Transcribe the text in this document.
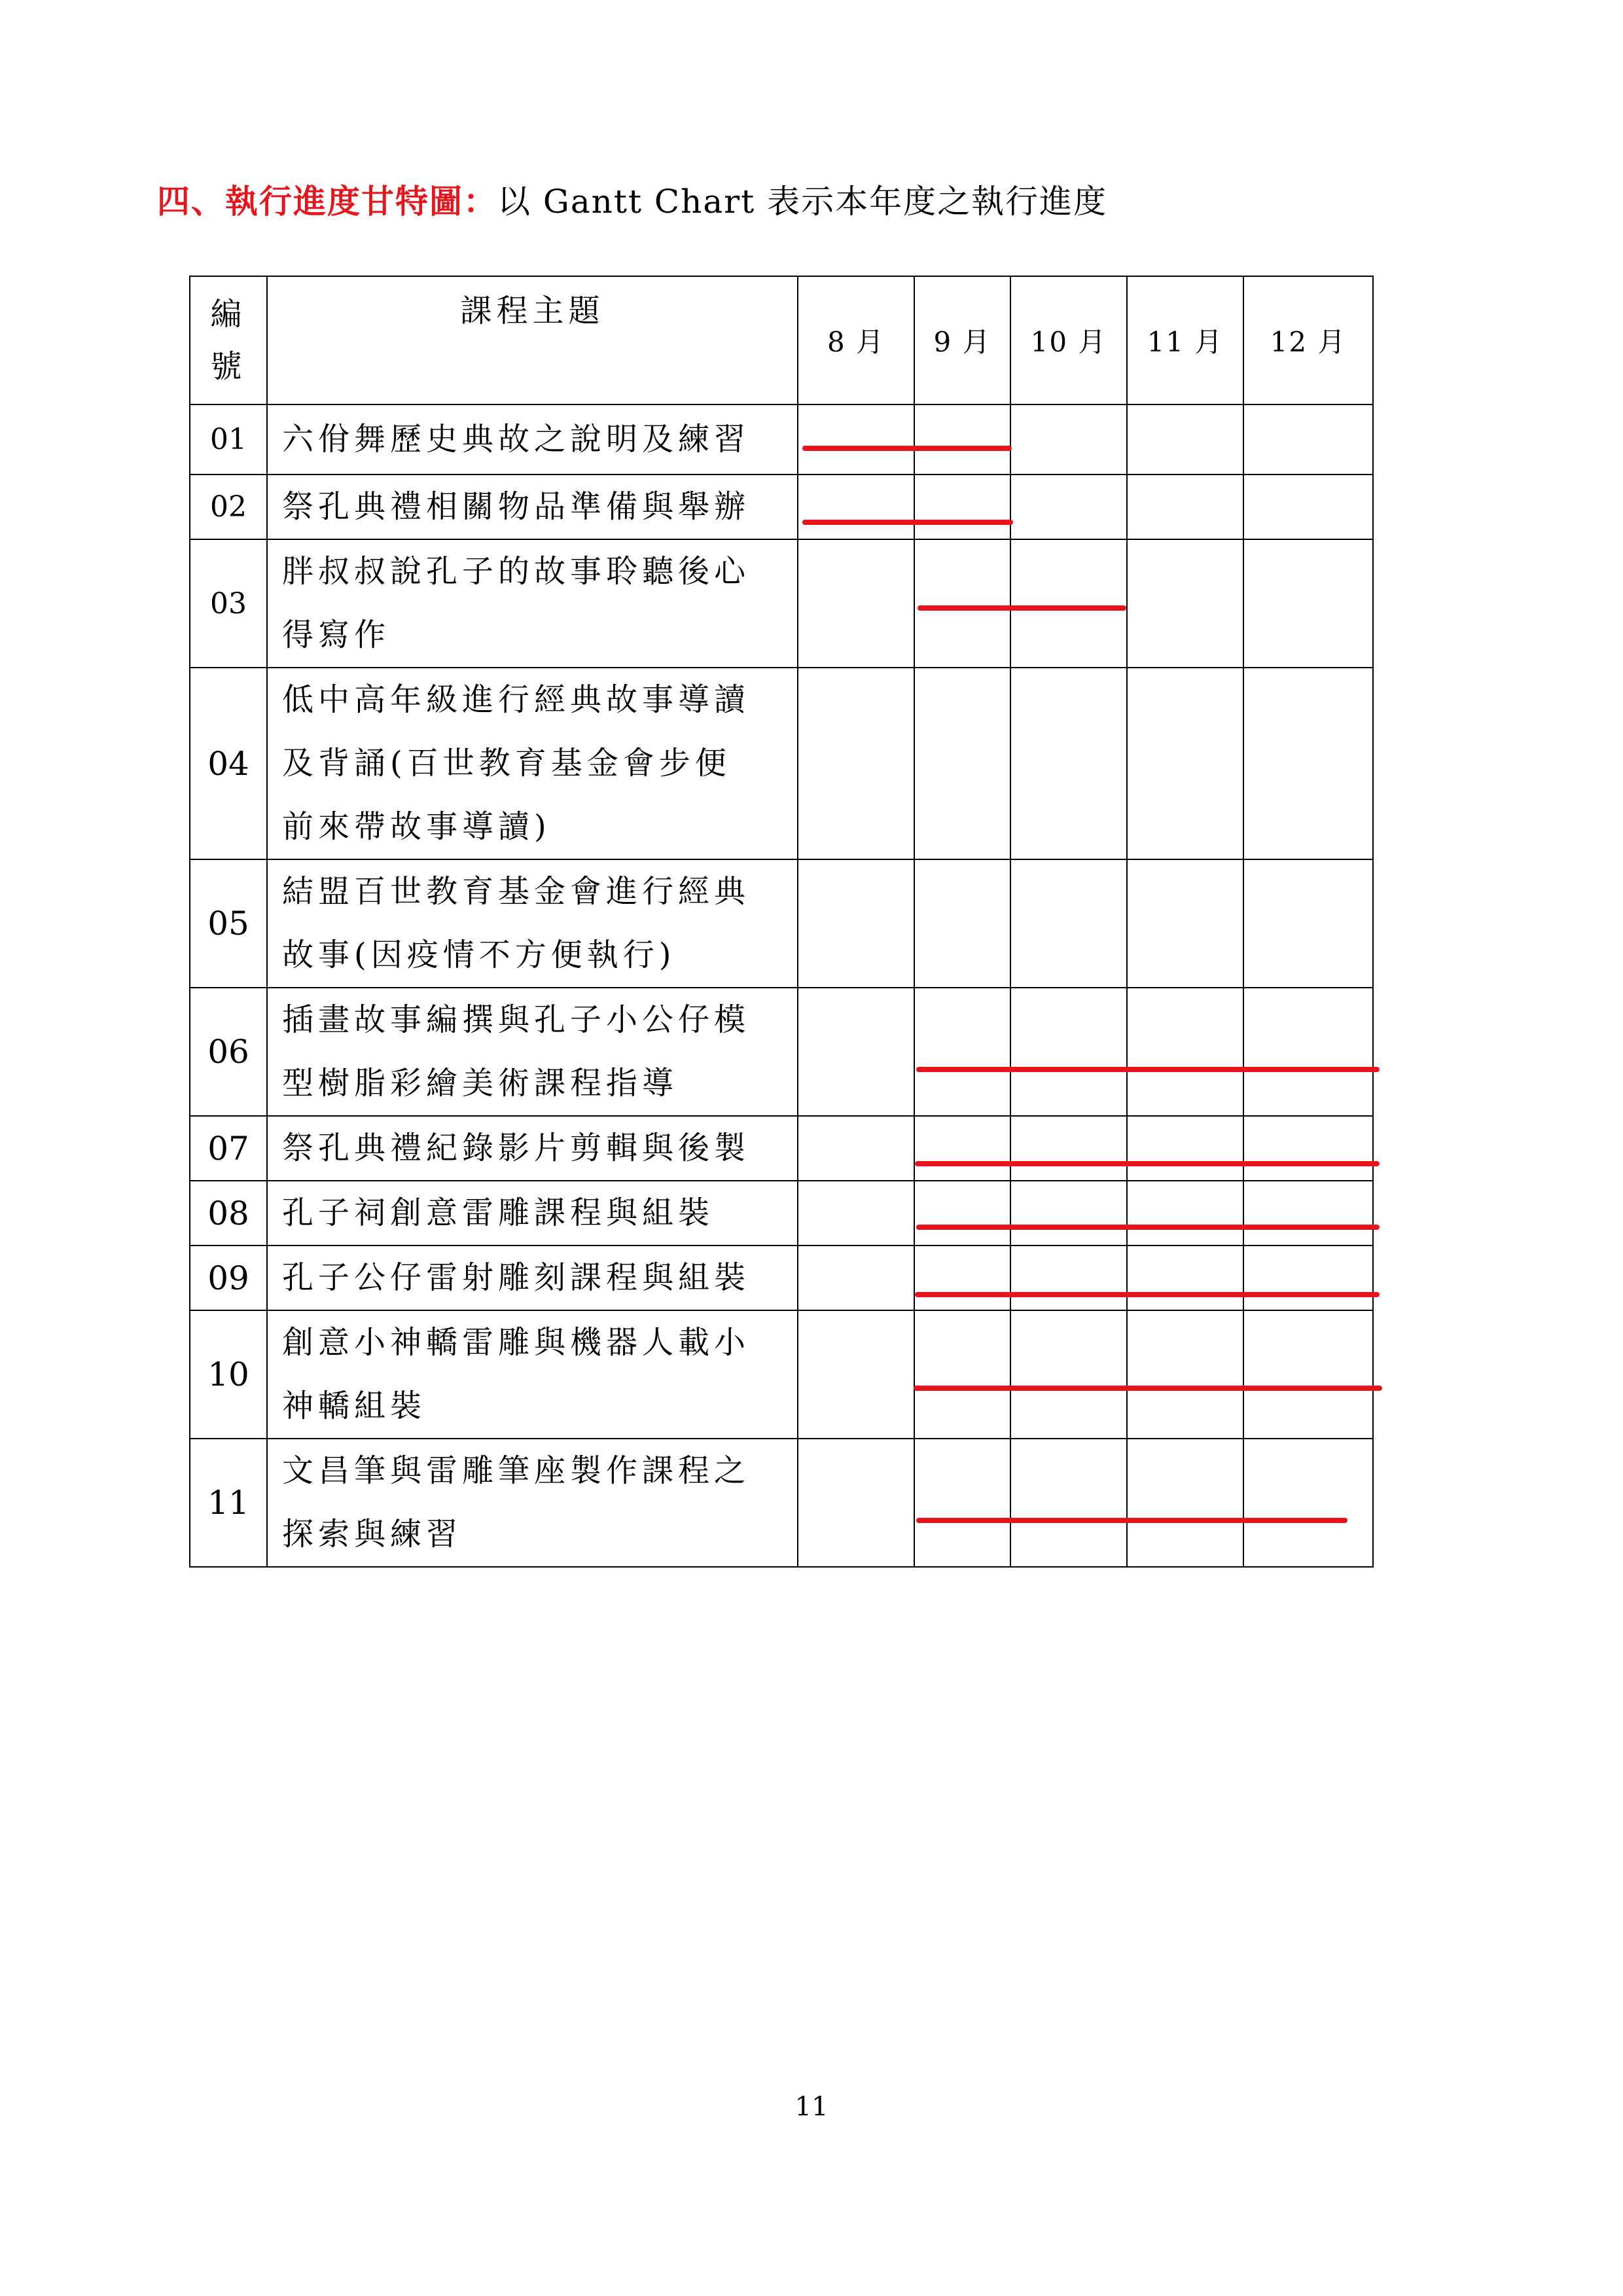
四、執行進度甘特圖：以 Gantt Chart 表示本年度之執行進度
編
號	課程主題	8 月	9 月	10 月	11 月	12 月
01	六佾舞歷史典故之說明及練習					

02	祭孔典禮相關物品準備與舉辦					

03	胖叔叔說孔子的故事聆聽後心
得寫作					

04	低中高年級進行經典故事導讀
及背誦(百世教育基金會步便
前來帶故事導讀)					

05	結盟百世教育基金會進行經典
故事(因疫情不方便執行)					

06	插畫故事編撰與孔子小公仔模
型樹脂彩繪美術課程指導					

07	祭孔典禮紀錄影片剪輯與後製					

08	孔子祠創意雷雕課程與組裝					

09	孔子公仔雷射雕刻課程與組裝					

10	創意小神轎雷雕與機器人載小
神轎組裝					

11	文昌筆與雷雕筆座製作課程之
探索與練習					

11
